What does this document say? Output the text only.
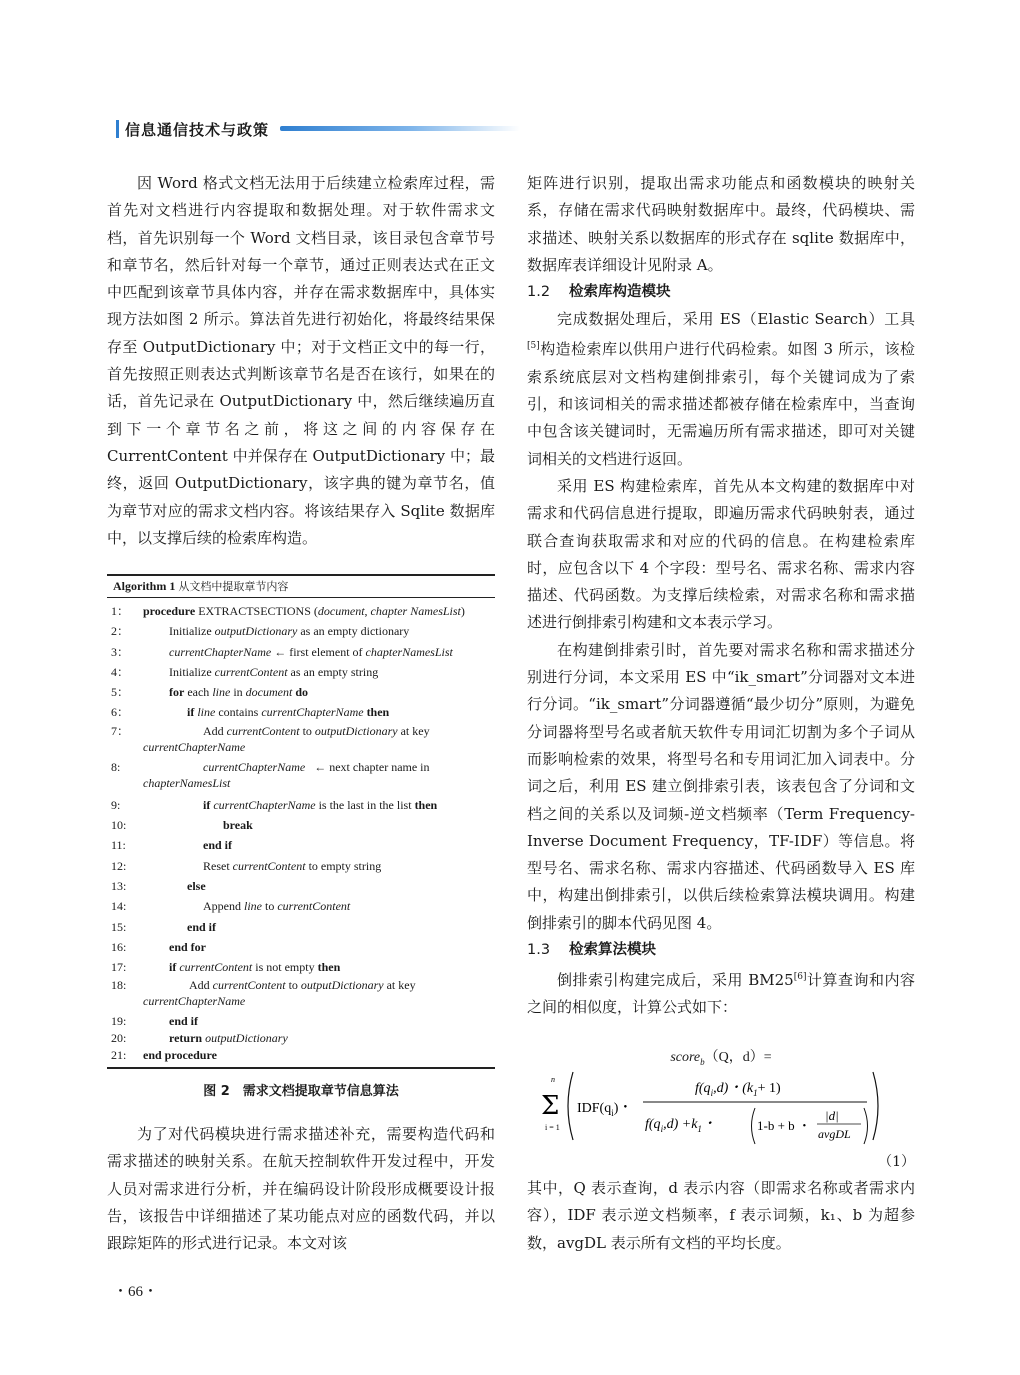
信息通信技术与政策

因 Word 格式文档无法用于后续建立检索库过程，需首先对文档进行内容提取和数据处理。对于软件需求文档，首先识别每一个 Word 文档目录，该目录包含章节号和章节名，然后针对每一个章节，通过正则表达式在正文中匹配到该章节具体内容，并存在需求数据库中，具体实现方法如图 2 所示。算法首先进行初始化，将最终结果保存至 OutputDictionary 中；对于文档正文中的每一行，首先按照正则表达式判断该章节名是否在该行，如果在的话，首先记录在 OutputDictionary 中，然后继续遍历直到下一个章节名之前，将这之间的内容保存在 CurrentContent 中并保存在 OutputDictionary 中；最终，返回 OutputDictionary，该字典的键为章节名，值为章节对应的需求文档内容。将该结果存入 Sqlite 数据库中，以支撑后续的检索库构造。

Algorithm 1 从文档中提取章节内容
1：	procedure EXTRACTSECTIONS (document, chapter NamesList)
2：	Initialize outputDictionary as an empty dictionary
3：	currentChapterName ← first element of chapterNamesList
4：	Initialize currentContent as an empty string
5：	for each line in document do
6：	if line contains currentChapterName then
7：	Add currentContent to outputDictionary at key
currentChapterName
8:	currentChapterName   ← next chapter name in
chapterNamesList
9:	if currentChapterName is the last in the list then
10:	break
11:	end if
12:	Reset currentContent to empty string
13:	else
14:	Append line to currentContent
15:	end if
16:	end for
17:	if currentContent is not empty then
18:	Add currentContent to outputDictionary at key
currentChapterName
19:	end if
20:	return outputDictionary
21:	end procedure
图 2　需求文档提取章节信息算法

为了对代码模块进行需求描述补充，需要构造代码和需求描述的映射关系。在航天控制软件开发过程中，开发人员对需求进行分析，并在编码设计阶段形成概要设计报告，该报告中详细描述了某功能点对应的函数代码，并以跟踪矩阵的形式进行记录。本文对该

矩阵进行识别，提取出需求功能点和函数模块的映射关系，存储在需求代码映射数据库中。最终，代码模块、需求描述、映射关系以数据库的形式存在 sqlite 数据库中，数据库表详细设计见附录 A。

1.2 检索库构造模块

完成数据处理后，采用 ES（Elastic Search）工具[5]构造检索库以供用户进行代码检索。如图 3 所示，该检索系统底层对文档构建倒排索引，每个关键词成为了索引，和该词相关的需求描述都被存储在检索库中，当查询中包含该关键词时，无需遍历所有需求描述，即可对关键词相关的文档进行返回。

采用 ES 构建检索库，首先从本文构建的数据库中对需求和代码信息进行提取，即遍历需求代码映射表，通过联合查询获取需求和对应的代码的信息。在构建检索库时，应包含以下 4 个字段：型号名、需求名称、需求内容描述、代码函数。为支撑后续检索，对需求名称和需求描述进行倒排索引构建和文本表示学习。

在构建倒排索引时，首先要对需求名称和需求描述分别进行分词，本文采用 ES 中“ik_smart”分词器对文本进行分词。“ik_smart”分词器遵循“最少切分”原则，为避免分词器将型号名或者航天软件专用词汇切割为多个子词从而影响检索的效果，将型号名和专用词汇加入词表中。分词之后，利用 ES 建立倒排索引表，该表包含了分词和文档之间的关系以及词频-逆文档频率（Term Frequency-Inverse Document Frequency，TF-IDF）等信息。将型号名、需求名称、需求内容描述、代码函数导入 ES 库中，构建出倒排索引，以供后续检索算法模块调用。构建倒排索引的脚本代码见图 4。

1.3 检索算法模块

倒排索引构建完成后，采用 BM25[6]计算查询和内容之间的相似度，计算公式如下：

score$_b$（Q，d）=
n
Σ
i = 1
$IDF(q_i)$・
$f(q_i,d)$・$(k_1+ 1)$
$f(q_i,d) +k_1$・	1-b + b ・
|d|
avgDL
（1）

其中，Q 表示查询，d 表示内容（即需求名称或者需求内容），IDF 表示逆文档频率，f 表示词频，k₁、b 为超参数，avgDL 表示所有文档的平均长度。

・66・
